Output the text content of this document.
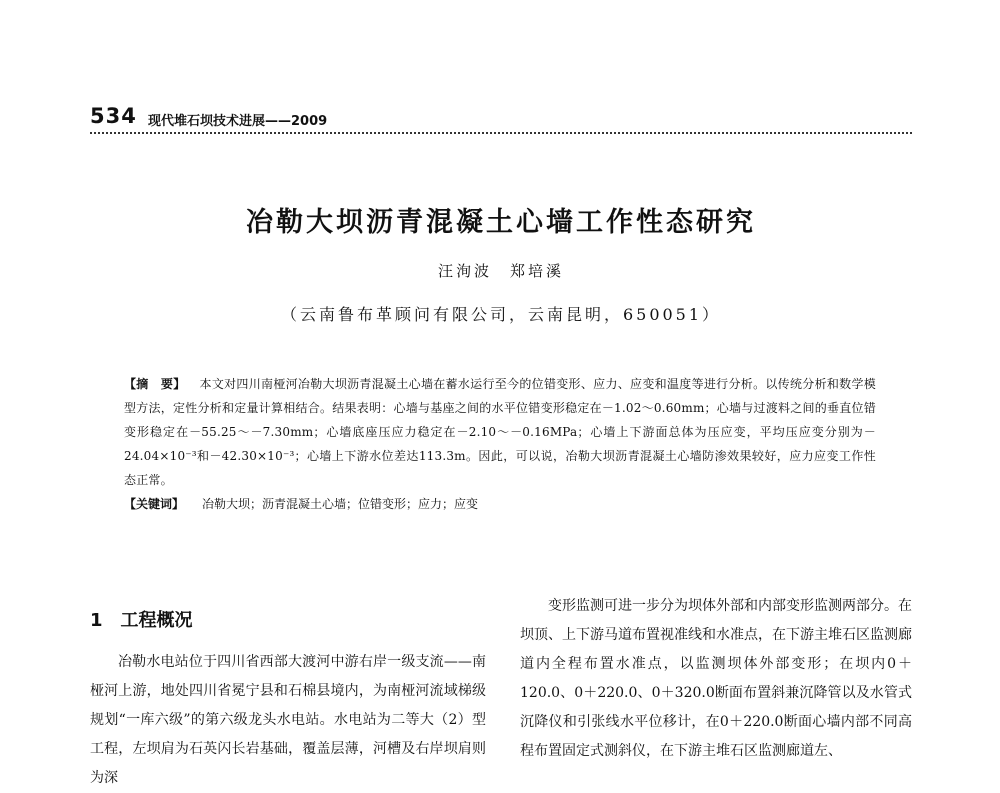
534 现代堆石坝技术进展——2009
冶勒大坝沥青混凝土心墙工作性态研究
汪洵波　郑培溪
（云南鲁布革顾问有限公司，云南昆明，650051）
【摘　要】 本文对四川南桠河冶勒大坝沥青混凝土心墙在蓄水运行至今的位错变形、应力、应变和温度等进行分析。以传统分析和数学模型方法，定性分析和定量计算相结合。结果表明：心墙与基座之间的水平位错变形稳定在－1.02～0.60mm；心墙与过渡料之间的垂直位错变形稳定在－55.25～－7.30mm；心墙底座压应力稳定在－2.10～－0.16MPa；心墙上下游面总体为压应变，平均压应变分别为－24.04×10⁻³和－42.30×10⁻³；心墙上下游水位差达113.3m。因此，可以说，冶勒大坝沥青混凝土心墙防渗效果较好，应力应变工作性态正常。
【关键词】 冶勒大坝；沥青混凝土心墙；位错变形；应力；应变
1 工程概况
冶勒水电站位于四川省西部大渡河中游右岸一级支流——南桠河上游，地处四川省冕宁县和石棉县境内，为南桠河流域梯级规划“一库六级”的第六级龙头水电站。水电站为二等大（2）型工程，左坝肩为石英闪长岩基础，覆盖层薄，河槽及右岸坝肩则为深
变形监测可进一步分为坝体外部和内部变形监测两部分。在坝顶、上下游马道布置视准线和水准点，在下游主堆石区监测廊道内全程布置水准点，以监测坝体外部变形；在坝内0＋120.0、0＋220.0、0＋320.0断面布置斜兼沉降管以及水管式沉降仪和引张线水平位移计，在0＋220.0断面心墙内部不同高程布置固定式测斜仪，在下游主堆石区监测廊道左、
